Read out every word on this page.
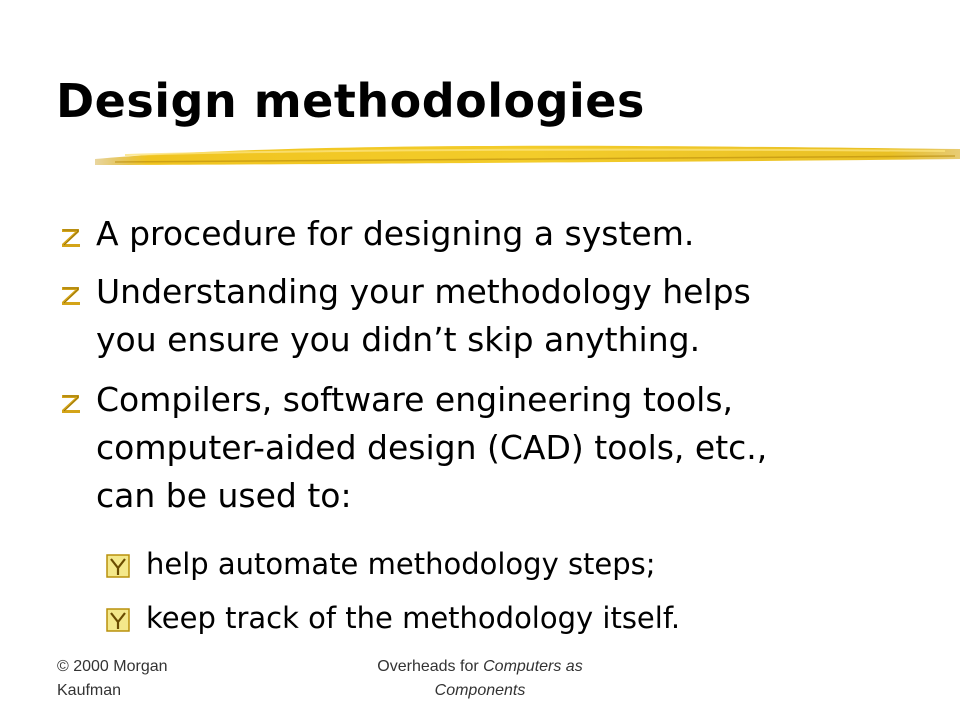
Design methodologies
A procedure for designing a system.
Understanding your methodology helps
you ensure you didn’t skip anything.
Compilers, software engineering tools,
computer-aided design (CAD) tools, etc.,
can be used to:
help automate methodology steps;
keep track of the methodology itself.
© 2000 Morgan
Kaufman
Overheads for Computers as
Components
